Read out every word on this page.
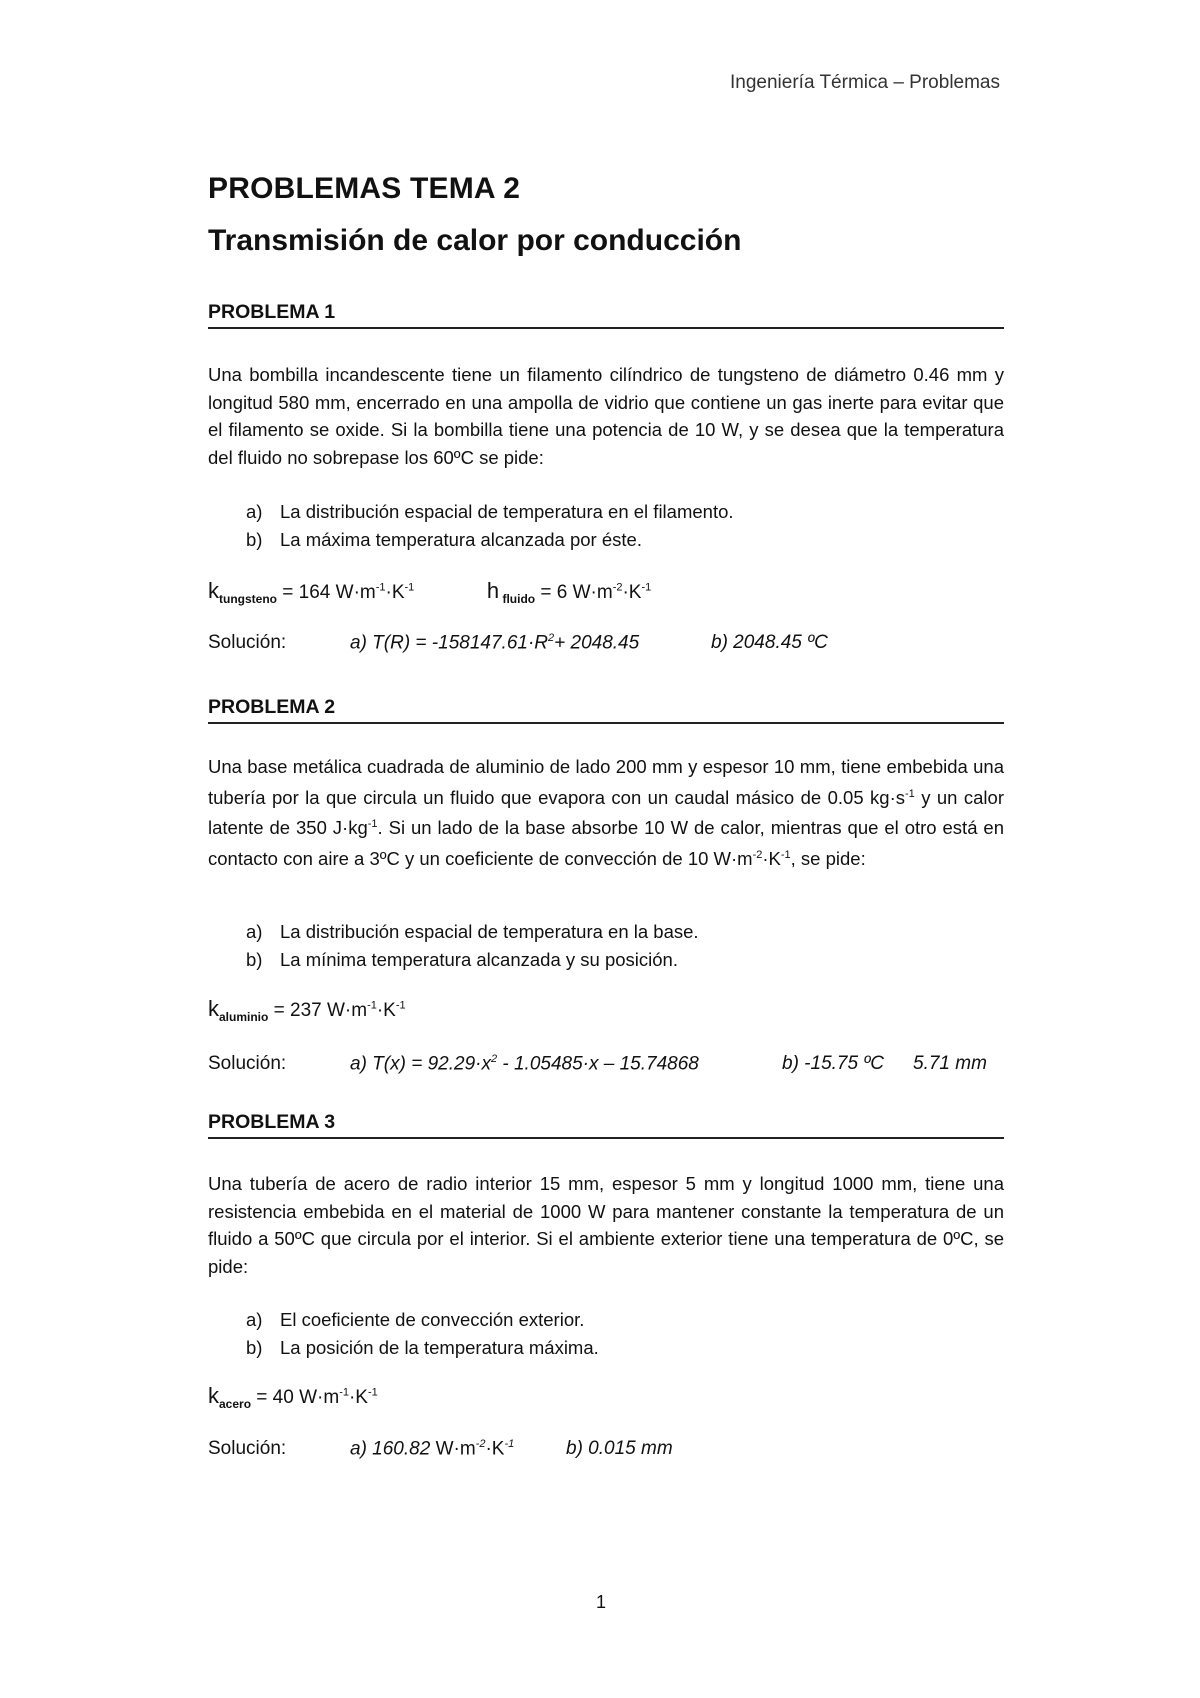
Ingeniería Térmica – Problemas
PROBLEMAS TEMA 2
Transmisión de calor por conducción
PROBLEMA 1
Una bombilla incandescente tiene un filamento cilíndrico de tungsteno de diámetro 0.46 mm y longitud 580 mm, encerrado en una ampolla de vidrio que contiene un gas inerte para evitar que el filamento se oxide. Si la bombilla tiene una potencia de 10 W, y se desea que la temperatura del fluido no sobrepase los 60ºC se pide:
a) La distribución espacial de temperatura en el filamento.
b) La máxima temperatura alcanzada por éste.
$k_{tungsteno} = 164$ $W\cdot m^{-1}\cdot K^{-1}$	h $_{fluido}$ = 6 $W\cdot m^{-2}\cdot K^{-1}$
Solución:	a) $T(R) = -158147.61\cdot R^2+ 2048.45$	b) 2048.45 ºC
PROBLEMA 2
Una base metálica cuadrada de aluminio de lado 200 mm y espesor 10 mm, tiene embebida una tubería por la que circula un fluido que evapora con un caudal másico de 0.05 $kg\cdot s^{-1}$ y un calor latente de 350 $J\cdot kg^{-1}$. Si un lado de la base absorbe 10 W de calor, mientras que el otro está en contacto con aire a 3ºC y un coeficiente de convección de 10 $W\cdot m^{-2}\cdot K^{-1}$, se pide:
a) La distribución espacial de temperatura en la base.
b) La mínima temperatura alcanzada y su posición.
$k_{aluminio} = 237$ $W\cdot m^{-1}\cdot K^{-1}$
Solución:	a) $T(x) = 92.29\cdot x^2 - 1.05485\cdot x - 15.74868$	b) -15.75 ºC 5.71 mm
PROBLEMA 3
Una tubería de acero de radio interior 15 mm, espesor 5 mm y longitud 1000 mm, tiene una resistencia embebida en el material de 1000 W para mantener constante la temperatura de un fluido a 50ºC que circula por el interior. Si el ambiente exterior tiene una temperatura de 0ºC, se pide:
a) El coeficiente de convección exterior.
b) La posición de la temperatura máxima.
$k_{acero} = 40$ $W\cdot m^{-1}\cdot K^{-1}$
Solución:	a) 160.82 $W\cdot m^{-2}\cdot K^{-1}$	b) 0.015 mm
1
